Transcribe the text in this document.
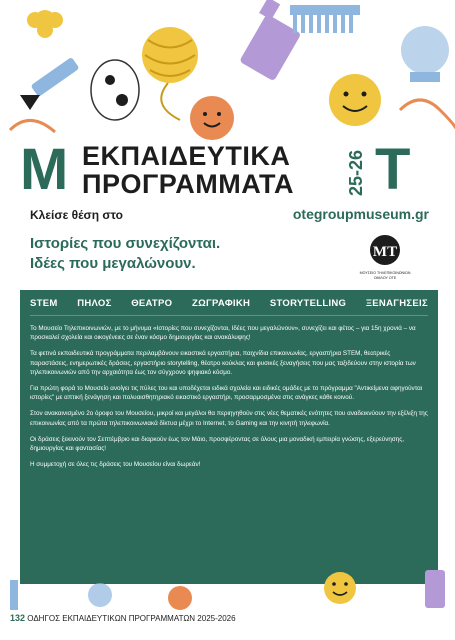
Μ ΕΚΠΑΙΔΕΥΤΙΚΑ
ΠΡΟΓΡΑΜΜΑΤΑ	25-26 Τ
Κλείσε θέση στο	otegroupmuseum.gr
Ιστορίες που συνεχίζονται.
Ιδέες που μεγαλώνουν.
MT
ΜΟΥΣΕΙΟ ΤΗΛΕΠΙΚΟΙΝΩΝΙΩΝ
ΟΜΙΛΟΥ ΟΤΕ
STEM ΠΗΛΟΣ ΘΕΑΤΡΟ ΖΩΓΡΑΦΙΚΗ STORYTELLING ΞΕΝΑΓΗΣΕΙΣ

Το Μουσείο Τηλεπικοινωνιών, με το μήνυμα «Ιστορίες που συνεχίζονται, Ιδέες που μεγαλώνουν», συνεχίζει και φέτος – για 15η χρονιά – να προσκαλεί σχολεία και οικογένειες σε έναν κόσμο δημιουργίας και ανακάλυψης!

Τα φετινά εκπαιδευτικά προγράμματα περιλαμβάνουν εικαστικά εργαστήρια, παιχνίδια επικοινωνίας, εργαστήρια STEM, θεατρικές παραστάσεις, ενημερωτικές δράσεις, εργαστήριο storytelling, θέατρο κούκλας και φυσικές ξεναγήσεις που μας ταξιδεύουν στην ιστορία των τηλεπικοινωνιών από την αρχαιότητα έως τον σύγχρονο ψηφιακό κόσμο.

Για πρώτη φορά το Μουσείο ανοίγει τις πύλες του και υποδέχεται ειδικά σχολεία και ειδικές ομάδες με το πρόγραμμα "Αντικείμενα αφηγούνται ιστορίες" με απτική ξενάγηση και πολυαισθητηριακό εικαστικό εργαστήρι, προσαρμοσμένα στις ανάγκες κάθε κοινού.

Στον ανακαινισμένο 2ο όροφο του Μουσείου, μικροί και μεγάλοι θα περιηγηθούν στις νέες θεματικές ενότητες που αναδεικνύουν την εξέλιξη της επικοινωνίας από τα πρώτα τηλεπικοινωνιακά δίκτυα μέχρι το Internet, το Gaming και την κινητή τηλεφωνία.

Οι δράσεις ξεκινούν τον Σεπτέμβριο και διαρκούν έως τον Μάιο, προσφέροντας σε όλους μια μοναδική εμπειρία γνώσης, εξερεύνησης, δημιουργίας και φαντασίας!

Η συμμετοχή σε όλες τις δράσεις του Μουσείου είναι δωρεάν!

132 ΟΔΗΓΟΣ ΕΚΠΑΙΔΕΥΤΙΚΩΝ ΠΡΟΓΡΑΜΜΑΤΩΝ 2025-2026
